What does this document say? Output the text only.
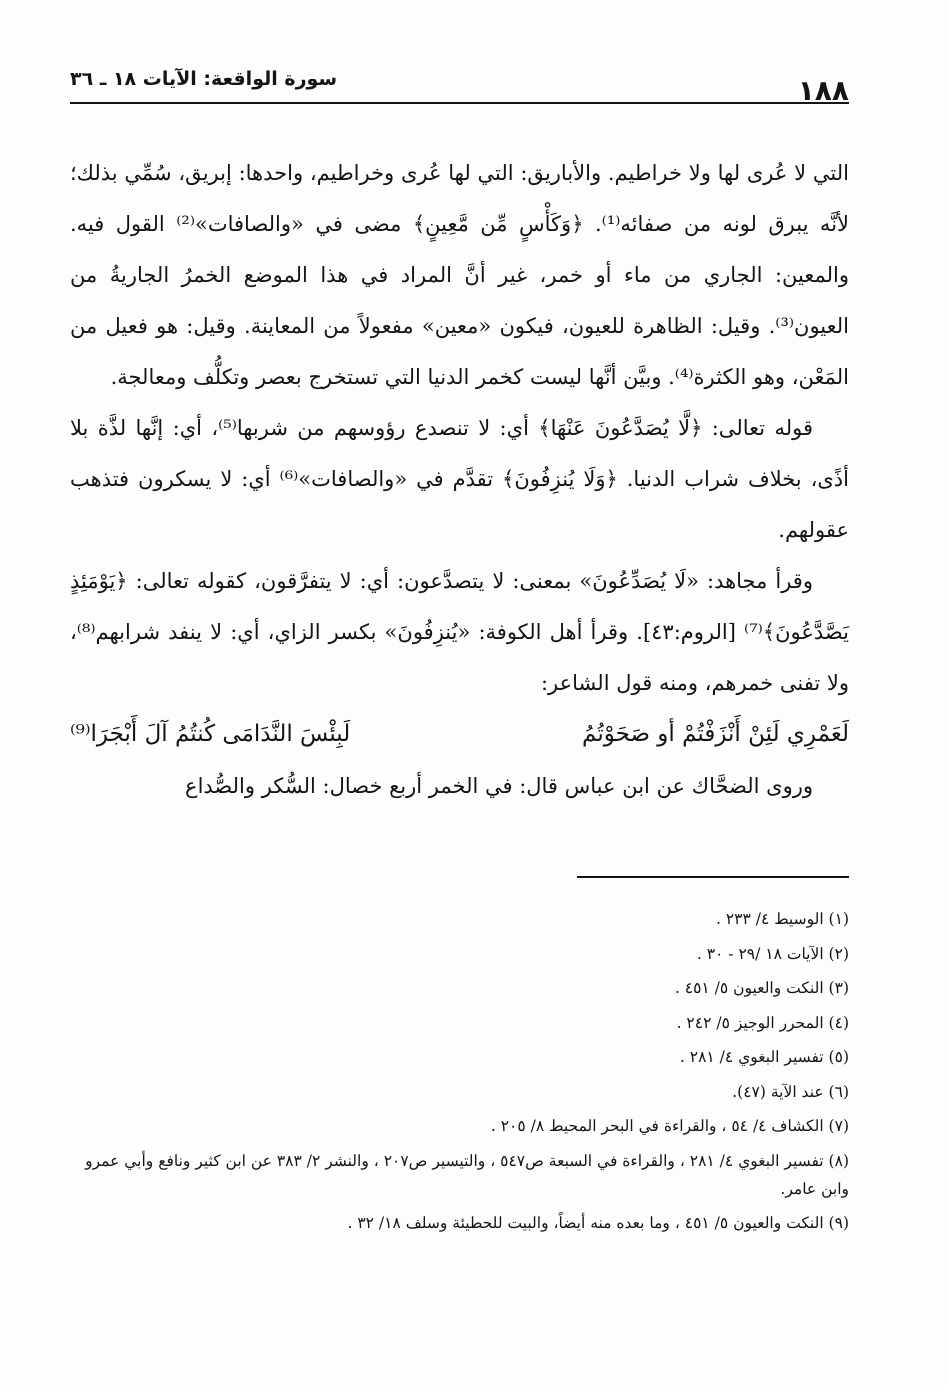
١٨٨
سورة الواقعة: الآيات ١٨ ـ ٣٦

التي لا عُرى لها ولا خراطيم. والأباريق: التي لها عُرى وخراطيم، واحدها: إبريق، سُمِّي بذلك؛ لأنَّه يبرق لونه من صفائه⁽¹⁾. ﴿وَكَأْسٍ مِّن مَّعِينٍ﴾ مضى في «والصافات»⁽²⁾ القول فيه. والمعين: الجاري من ماء أو خمر، غير أنَّ المراد في هذا الموضع الخمرُ الجاريةُ من العيون⁽³⁾. وقيل: الظاهرة للعيون، فيكون «معين» مفعولاً من المعاينة. وقيل: هو فعيل من المَعْن، وهو الكثرة⁽⁴⁾. وبيَّن أنَّها ليست كخمر الدنيا التي تستخرج بعصر وتكلُّف ومعالجة.

قوله تعالى: ﴿لَّا يُصَدَّعُونَ عَنْهَا﴾ أي: لا تنصدع رؤوسهم من شربها⁽⁵⁾، أي: إنَّها لذَّة بلا أذًى، بخلاف شراب الدنيا. ﴿وَلَا يُنزِفُونَ﴾ تقدَّم في «والصافات»⁽⁶⁾ أي: لا يسكرون فتذهب عقولهم.

وقرأ مجاهد: «لَا يُصَدِّعُونَ» بمعنى: لا يتصدَّعون: أي: لا يتفرَّقون، كقوله تعالى: ﴿يَوْمَئِذٍ يَصَّدَّعُونَ﴾⁽⁷⁾ [الروم:٤٣]. وقرأ أهل الكوفة: «يُنزِفُونَ» بكسر الزاي، أي: لا ينفد شرابهم⁽⁸⁾، ولا تفنى خمرهم، ومنه قول الشاعر:

لَعَمْرِي لَئِنْ أَنْزَفْتُمْ أو صَحَوْتُمُ
لَبِئْسَ النَّدَامَى كُنتُمُ آلَ أَبْجَرَا⁽⁹⁾

وروى الضحَّاك عن ابن عباس قال: في الخمر أربع خصال: السُّكر والصُّداع

(١) الوسيط ٤/ ٢٣٣ .
(٢) الآيات ١٨ /٢٩ - ٣٠ .
(٣) النكت والعيون ٥/ ٤٥١ .
(٤) المحرر الوجيز ٥/ ٢٤٢ .
(٥) تفسير البغوي ٤/ ٢٨١ .
(٦) عند الآية (٤٧).
(٧) الكشاف ٤/ ٥٤ ، والقراءة في البحر المحيط ٨/ ٢٠٥ .
(٨) تفسير البغوي ٤/ ٢٨١ ، والقراءة في السبعة ص٥٤٧ ، والتيسير ص٢٠٧ ، والنشر ٢/ ٣٨٣ عن ابن كثير ونافع وأبي عمرو وابن عامر.
(٩) النكت والعيون ٥/ ٤٥١ ، وما بعده منه أيضاً، والبيت للحطيئة وسلف ١٨/ ٣٢ .
